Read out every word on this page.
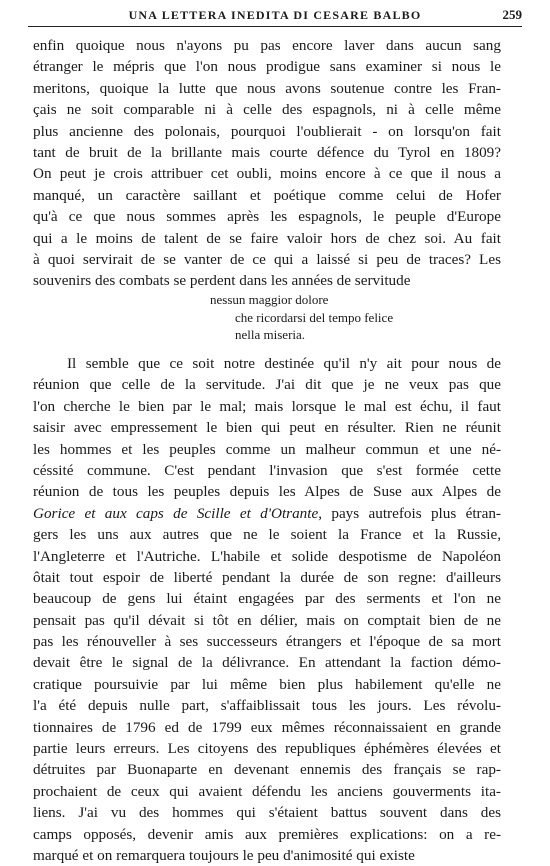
UNA LETTERA INEDITA DI CESARE BALBO	259
enfin quoique nous n'ayons pu pas encore laver dans aucun sang
étranger le mépris que l'on nous prodigue sans examiner si nous le
meritons, quoique la lutte que nous avons soutenue contre les Fran-
çais ne soit comparable ni à celle des espagnols, ni à celle même
plus ancienne des polonais, pourquoi l'oublierait - on lorsqu'on fait
tant de bruit de la brillante mais courte défence du Tyrol en 1809?
On peut je crois attribuer cet oubli, moins encore à ce que il nous a
manqué, un caractère saillant et poétique comme celui de Hofer
qu'à ce que nous sommes après les espagnols, le peuple d'Europe
qui a le moins de talent de se faire valoir hors de chez soi. Au fait
à quoi servirait de se vanter de ce qui a laissé si peu de traces? Les
souvenirs des combats se perdent dans les années de servitude
nessun maggior dolore
che ricordarsi del tempo felice
nella miseria.
Il semble que ce soit notre destinée qu'il n'y ait pour nous de
réunion que celle de la servitude. J'ai dit que je ne veux pas que
l'on cherche le bien par le mal; mais lorsque le mal est échu, il faut
saisir avec empressement le bien qui peut en résulter. Rien ne réunit
les hommes et les peuples comme un malheur commun et une né-
céssité commune. C'est pendant l'invasion que s'est formée cette
réunion de tous les peuples depuis les Alpes de Suse aux Alpes de
Gorice et aux caps de Scille et d'Otrante, pays autrefois plus étran-
gers les uns aux autres que ne le soient la France et la Russie,
l'Angleterre et l'Autriche. L'habile et solide despotisme de Napoléon
ôtait tout espoir de liberté pendant la durée de son regne: d'ailleurs
beaucoup de gens lui étaint engagées par des serments et l'on ne
pensait pas qu'il dévait si tôt en délier, mais on comptait bien de ne
pas les rénouveller à ses successeurs étrangers et l'époque de sa mort
devait être le signal de la délivrance. En attendant la faction démo-
cratique poursuivie par lui même bien plus habilement qu'elle ne
l'a été depuis nulle part, s'affaiblissait tous les jours. Les révolu-
tionnaires de 1796 ed de 1799 eux mêmes réconnaissaient en grande
partie leurs erreurs. Les citoyens des republiques éphémères élevées et
détruites par Buonaparte en devenant ennemis des français se rap-
prochaient de ceux qui avaient défendu les anciens gouverments ita-
liens. J'ai vu des hommes qui s'étaient battus souvent dans des
camps opposés, devenir amis aux premières explications: on a re-
marqué et on remarquera toujours le peu d'animosité qui existe
